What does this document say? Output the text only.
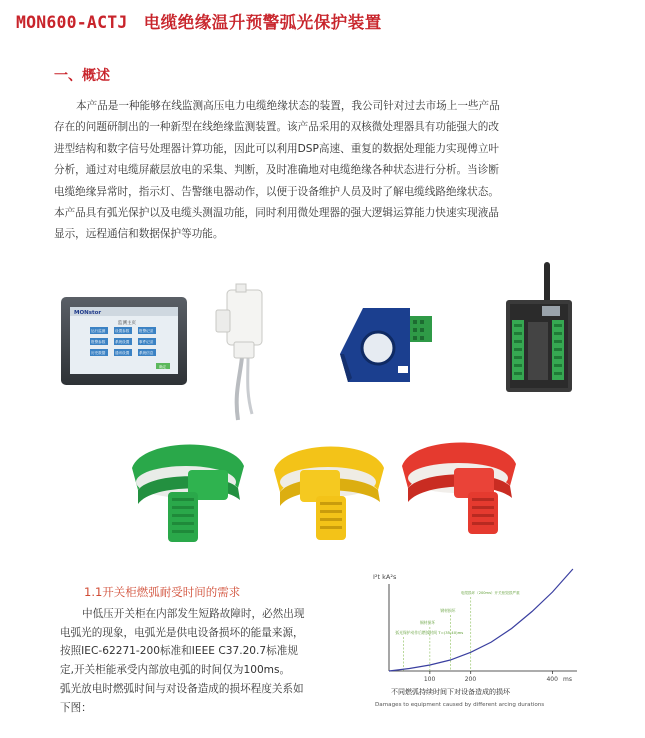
MON600-ACTJ 电缆绝缘温升预警弧光保护装置
一、概述
本产品是一种能够在线监测高压电力电缆绝缘状态的装置，我公司针对过去市场上一些产品
存在的问题研制出的一种新型在线绝缘监测装置。该产品采用的双核微处理器具有功能强大的改
进型结构和数字信号处理器计算功能，因此可以利用DSP高速、重复的数据处理能力实现傅立叶
分析，通过对电缆屏蔽层放电的采集、判断，及时准确地对电缆绝缘各种状态进行分析。当诊断
电缆绝缘异常时，指示灯、告警继电器动作，以便于设备维护人员及时了解电缆线路绝缘状态。
本产品具有弧光保护以及电缆头测温功能，同时利用微处理器的强大逻辑运算能力快速实现液晶
显示，远程通信和数据保护等功能。
MONstor
监测主页
运行监测	设置参数	报警记录
报警参数	系统设置	事件记录
历史数据	通讯设置	系统信息
确定
1.1开关柜燃弧耐受时间的需求
中低压开关柜在内部发生短路故障时，必然出现
电弧光的现象，电弧光是供电设备损坏的能量来源，
按照IEC-62271-200标准和IEEE C37.20.7标准规
定,开关柜能承受内部放电弧的时间仅为100ms。
弧光放电时燃弧时间与对设备造成的损坏程度关系如
下图：
I²t kA²s
ms
100	200	400
电缆损坏（200ms）开关柜毁损严重
钢材损坏
铜材损坏
弧光保护动作后燃弧时间 T=(35,40)ms
不同燃弧持续时间下对设备造成的损坏
Damages to equipment caused by different arcing durations
